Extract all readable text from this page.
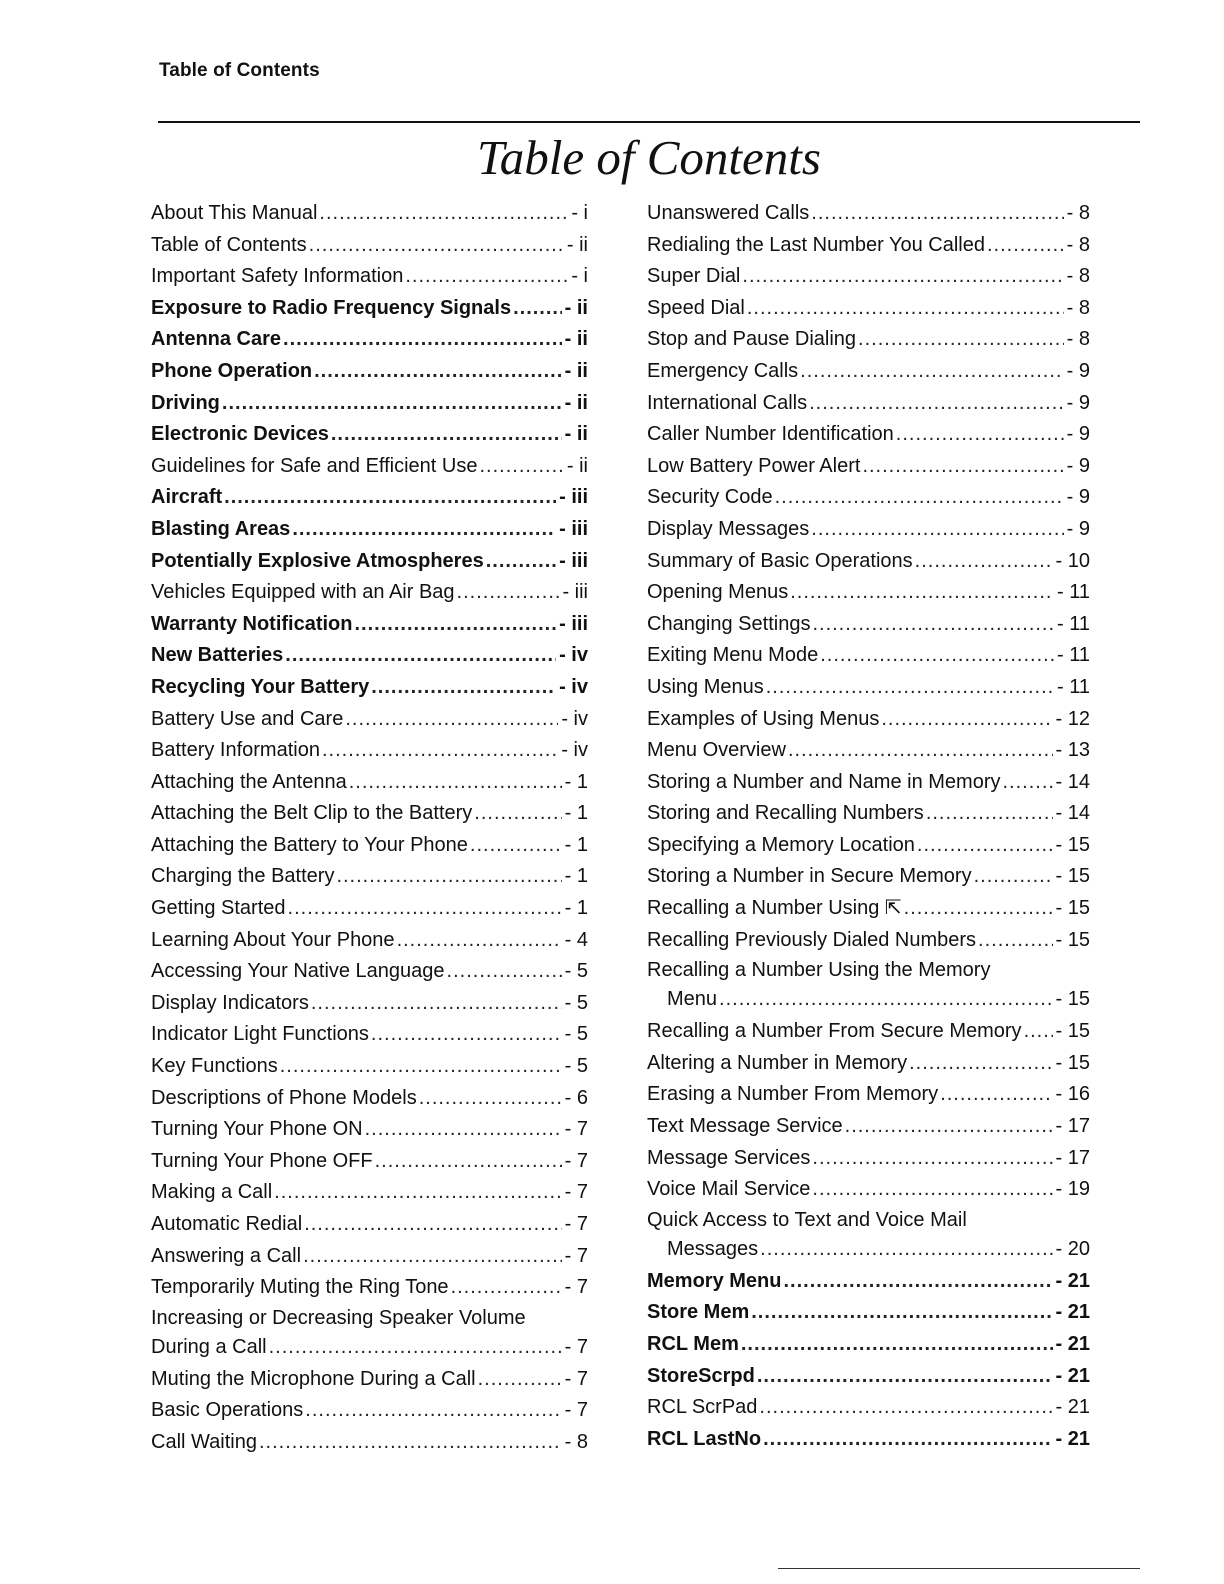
Table of Contents
Table of Contents
About This Manual .....	- i
Table of Contents .....	- ii
Important Safety Information .....	- i
Exposure to Radio Frequency Signals .....	- ii
Antenna Care .....	- ii
Phone Operation .....	- ii
Driving .....	- ii
Electronic Devices .....	- ii
Guidelines for Safe and Efficient Use .....	- ii
Aircraft .....	- iii
Blasting Areas .....	- iii
Potentially Explosive Atmospheres .....	- iii
Vehicles Equipped with an Air Bag .....	- iii
Warranty Notification .....	- iii
New Batteries .....	- iv
Recycling Your Battery .....	- iv
Battery Use and Care .....	- iv
Battery Information .....	- iv
Attaching the Antenna .....	- 1
Attaching the Belt Clip to the Battery .....	- 1
Attaching the Battery to Your Phone .....	- 1
Charging the Battery .....	- 1
Getting Started .....	- 1
Learning About Your Phone .....	- 4
Accessing Your Native Language .....	- 5
Display Indicators .....	- 5
Indicator Light Functions .....	- 5
Key Functions .....	- 5
Descriptions of Phone Models .....	- 6
Turning Your Phone ON .....	- 7
Turning Your Phone OFF .....	- 7
Making a Call .....	- 7
Automatic Redial .....	- 7
Answering a Call .....	- 7
Temporarily Muting the Ring Tone .....	- 7
Increasing or Decreasing Speaker Volume
During a Call .....	- 7
Muting the Microphone During a Call .....	- 7
Basic Operations .....	- 7
Call Waiting .....	- 8
Unanswered Calls .....	- 8
Redialing the Last Number You Called .....	- 8
Super Dial .....	- 8
Speed Dial .....	- 8
Stop and Pause Dialing .....	- 8
Emergency Calls .....	- 9
International Calls .....	- 9
Caller Number Identification .....	- 9
Low Battery Power Alert .....	- 9
Security Code .....	- 9
Display Messages .....	- 9
Summary of Basic Operations .....	- 10
Opening Menus .....	- 11
Changing Settings .....	- 11
Exiting Menu Mode .....	- 11
Using Menus .....	- 11
Examples of Using Menus .....	- 12
Menu Overview .....	- 13
Storing a Number and Name in Memory .....	- 14
Storing and Recalling Numbers .....	- 14
Specifying a Memory Location .....	- 15
Storing a Number in Secure Memory .....	- 15
Recalling a Number Using ⇱ .....	- 15
Recalling Previously Dialed Numbers .....	- 15
Recalling a Number Using the Memory
Menu .....	- 15
Recalling a Number From Secure Memory ..... - 15
Altering a Number in Memory .....	- 15
Erasing a Number From Memory .....	- 16
Text Message Service .....	- 17
Message Services .....	- 17
Voice Mail Service .....	- 19
Quick Access to Text and Voice Mail
Messages .....	- 20
Memory Menu .....	- 21
Store Mem .....	- 21
RCL Mem .....	- 21
StoreScrpd .....	- 21
RCL ScrPad .....	- 21
RCL LastNo .....	- 21
